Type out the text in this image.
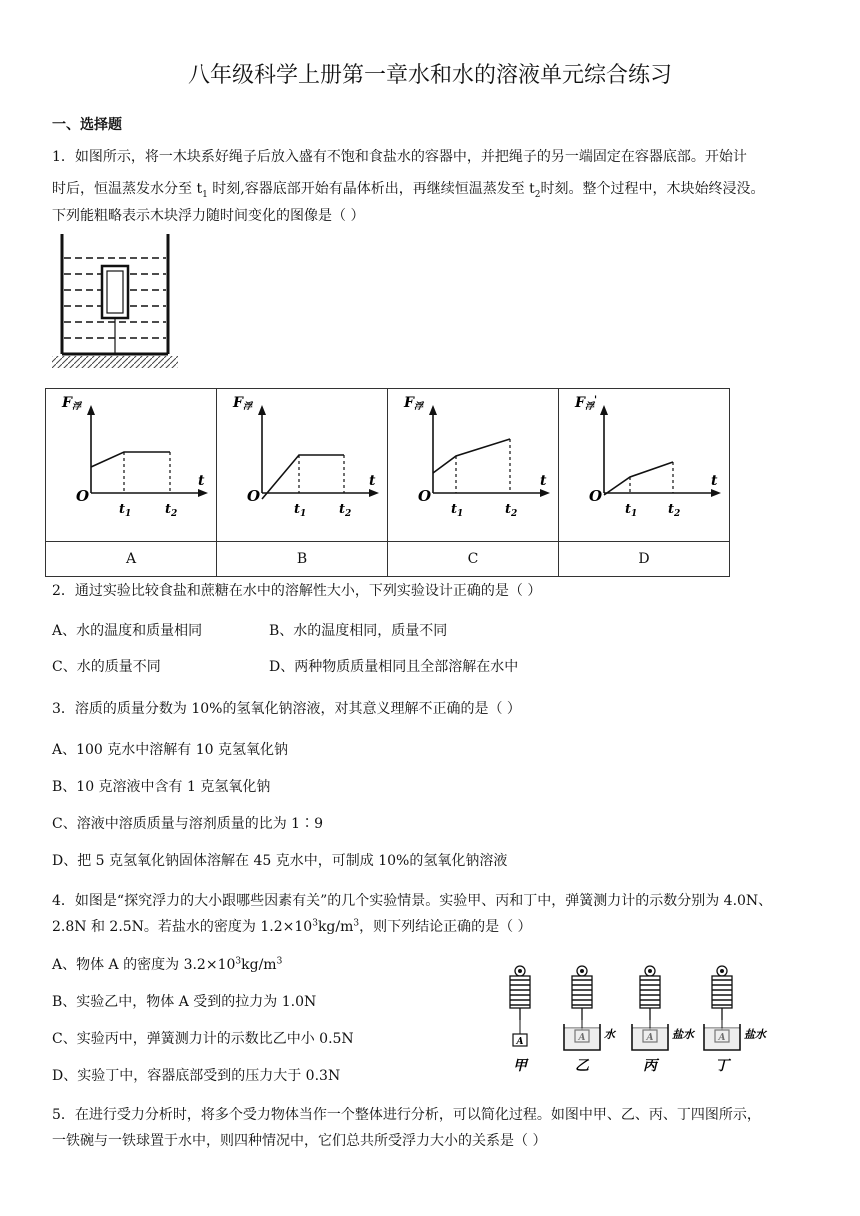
八年级科学上册第一章水和水的溶液单元综合练习
一、选择题
1．如图所示，将一木块系好绳子后放入盛有不饱和食盐水的容器中，并把绳子的另一端固定在容器底部。开始计
时后，恒温蒸发水分至 $t_1$ 时刻,容器底部开始有晶体析出，再继续恒温蒸发至 $t_2$时刻。整个过程中，木块始终浸没。
下列能粗略表示木块浮力随时间变化的图像是（ ）
F浮
t
O
$t_1$ $t_2$	F浮
t
O
$t_1$ $t_2$	F浮
t
O
$t_1$ $t_2$	F浮'
t
O
$t_1$ $t_2$

A	B	C	D
2．通过实验比较食盐和蔗糖在水中的溶解性大小，下列实验设计正确的是（ ）
A、水的温度和质量相同	B、水的温度相同，质量不同
C、水的质量不同	D、两种物质质量相同且全部溶解在水中
3．溶质的质量分数为 10%的氢氧化钠溶液，对其意义理解不正确的是（ ）
A、100 克水中溶解有 10 克氢氧化钠
B、10 克溶液中含有 1 克氢氧化钠
C、溶液中溶质质量与溶剂质量的比为 1∶9
D、把 5 克氢氧化钠固体溶解在 45 克水中，可制成 10%的氢氧化钠溶液
4．如图是“探究浮力的大小跟哪些因素有关”的几个实验情景。实验甲、丙和丁中，弹簧测力计的示数分别为 4.0N、
2.8N 和 2.5N。若盐水的密度为 $1.2\times 10^3kg/m^3$，则下列结论正确的是（ ）
A、物体 A 的密度为 $3.2\times 10^3kg/m^3$
B、实验乙中，物体 A 受到的拉力为 1.0N
C、实验丙中，弹簧测力计的示数比乙中小 0.5N
D、实验丁中，容器底部受到的压力大于 0.3N
A
甲
水
乙
盐水
丙
盐水
丁
5．在进行受力分析时，将多个受力物体当作一个整体进行分析，可以简化过程。如图中甲、乙、丙、丁四图所示，
一铁碗与一铁球置于水中，则四种情况中，它们总共所受浮力大小的关系是（ ）
